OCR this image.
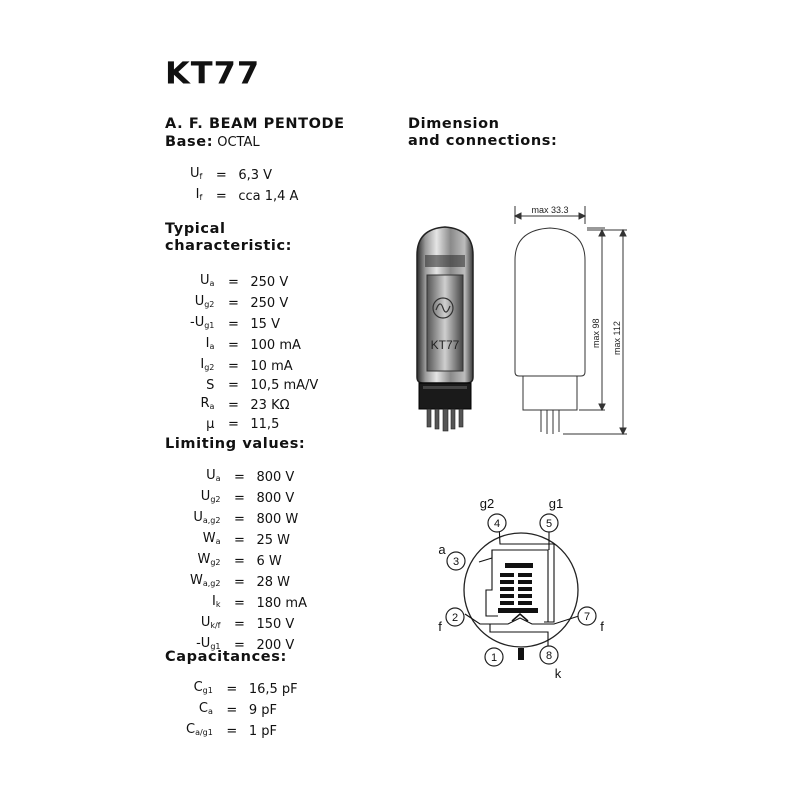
KT77
A. F. BEAM PENTODE
Base: OCTAL
Dimension
and connections:
$U_f$	=	6,3 V
$I_f$	=	cca 1,4 A
Typical
characteristic:
$U_a$	=	250 V
$U_{g2}$	=	250 V
$-U_{g1}$	=	15 V
$I_a$	=	100 mA
$I_{g2}$	=	10 mA
S	=	10,5 mA/V
$R_a$	=	23 KΩ
μ	=	11,5
Limiting values:
$U_a$	=	800 V
$U_{g2}$	=	800 V
$U_{a,g2}$	=	800 W
$W_a$	=	25 W
$W_{g2}$	=	6 W
$W_{a,g2}$	=	28 W
$I_k$	=	180 mA
$U_{k/f}$	=	150 V
$-U_{g1}$	=	200 V
Capacitances:
$C_{g1}$	=	16,5 pF
$C_a$	=	9 pF
$C_{a/g1}$	=	1 pF
KT77
max 33.3
max 98 max 112
1
2
3
4	5
7
8
g2	g1
a
f	f
k
